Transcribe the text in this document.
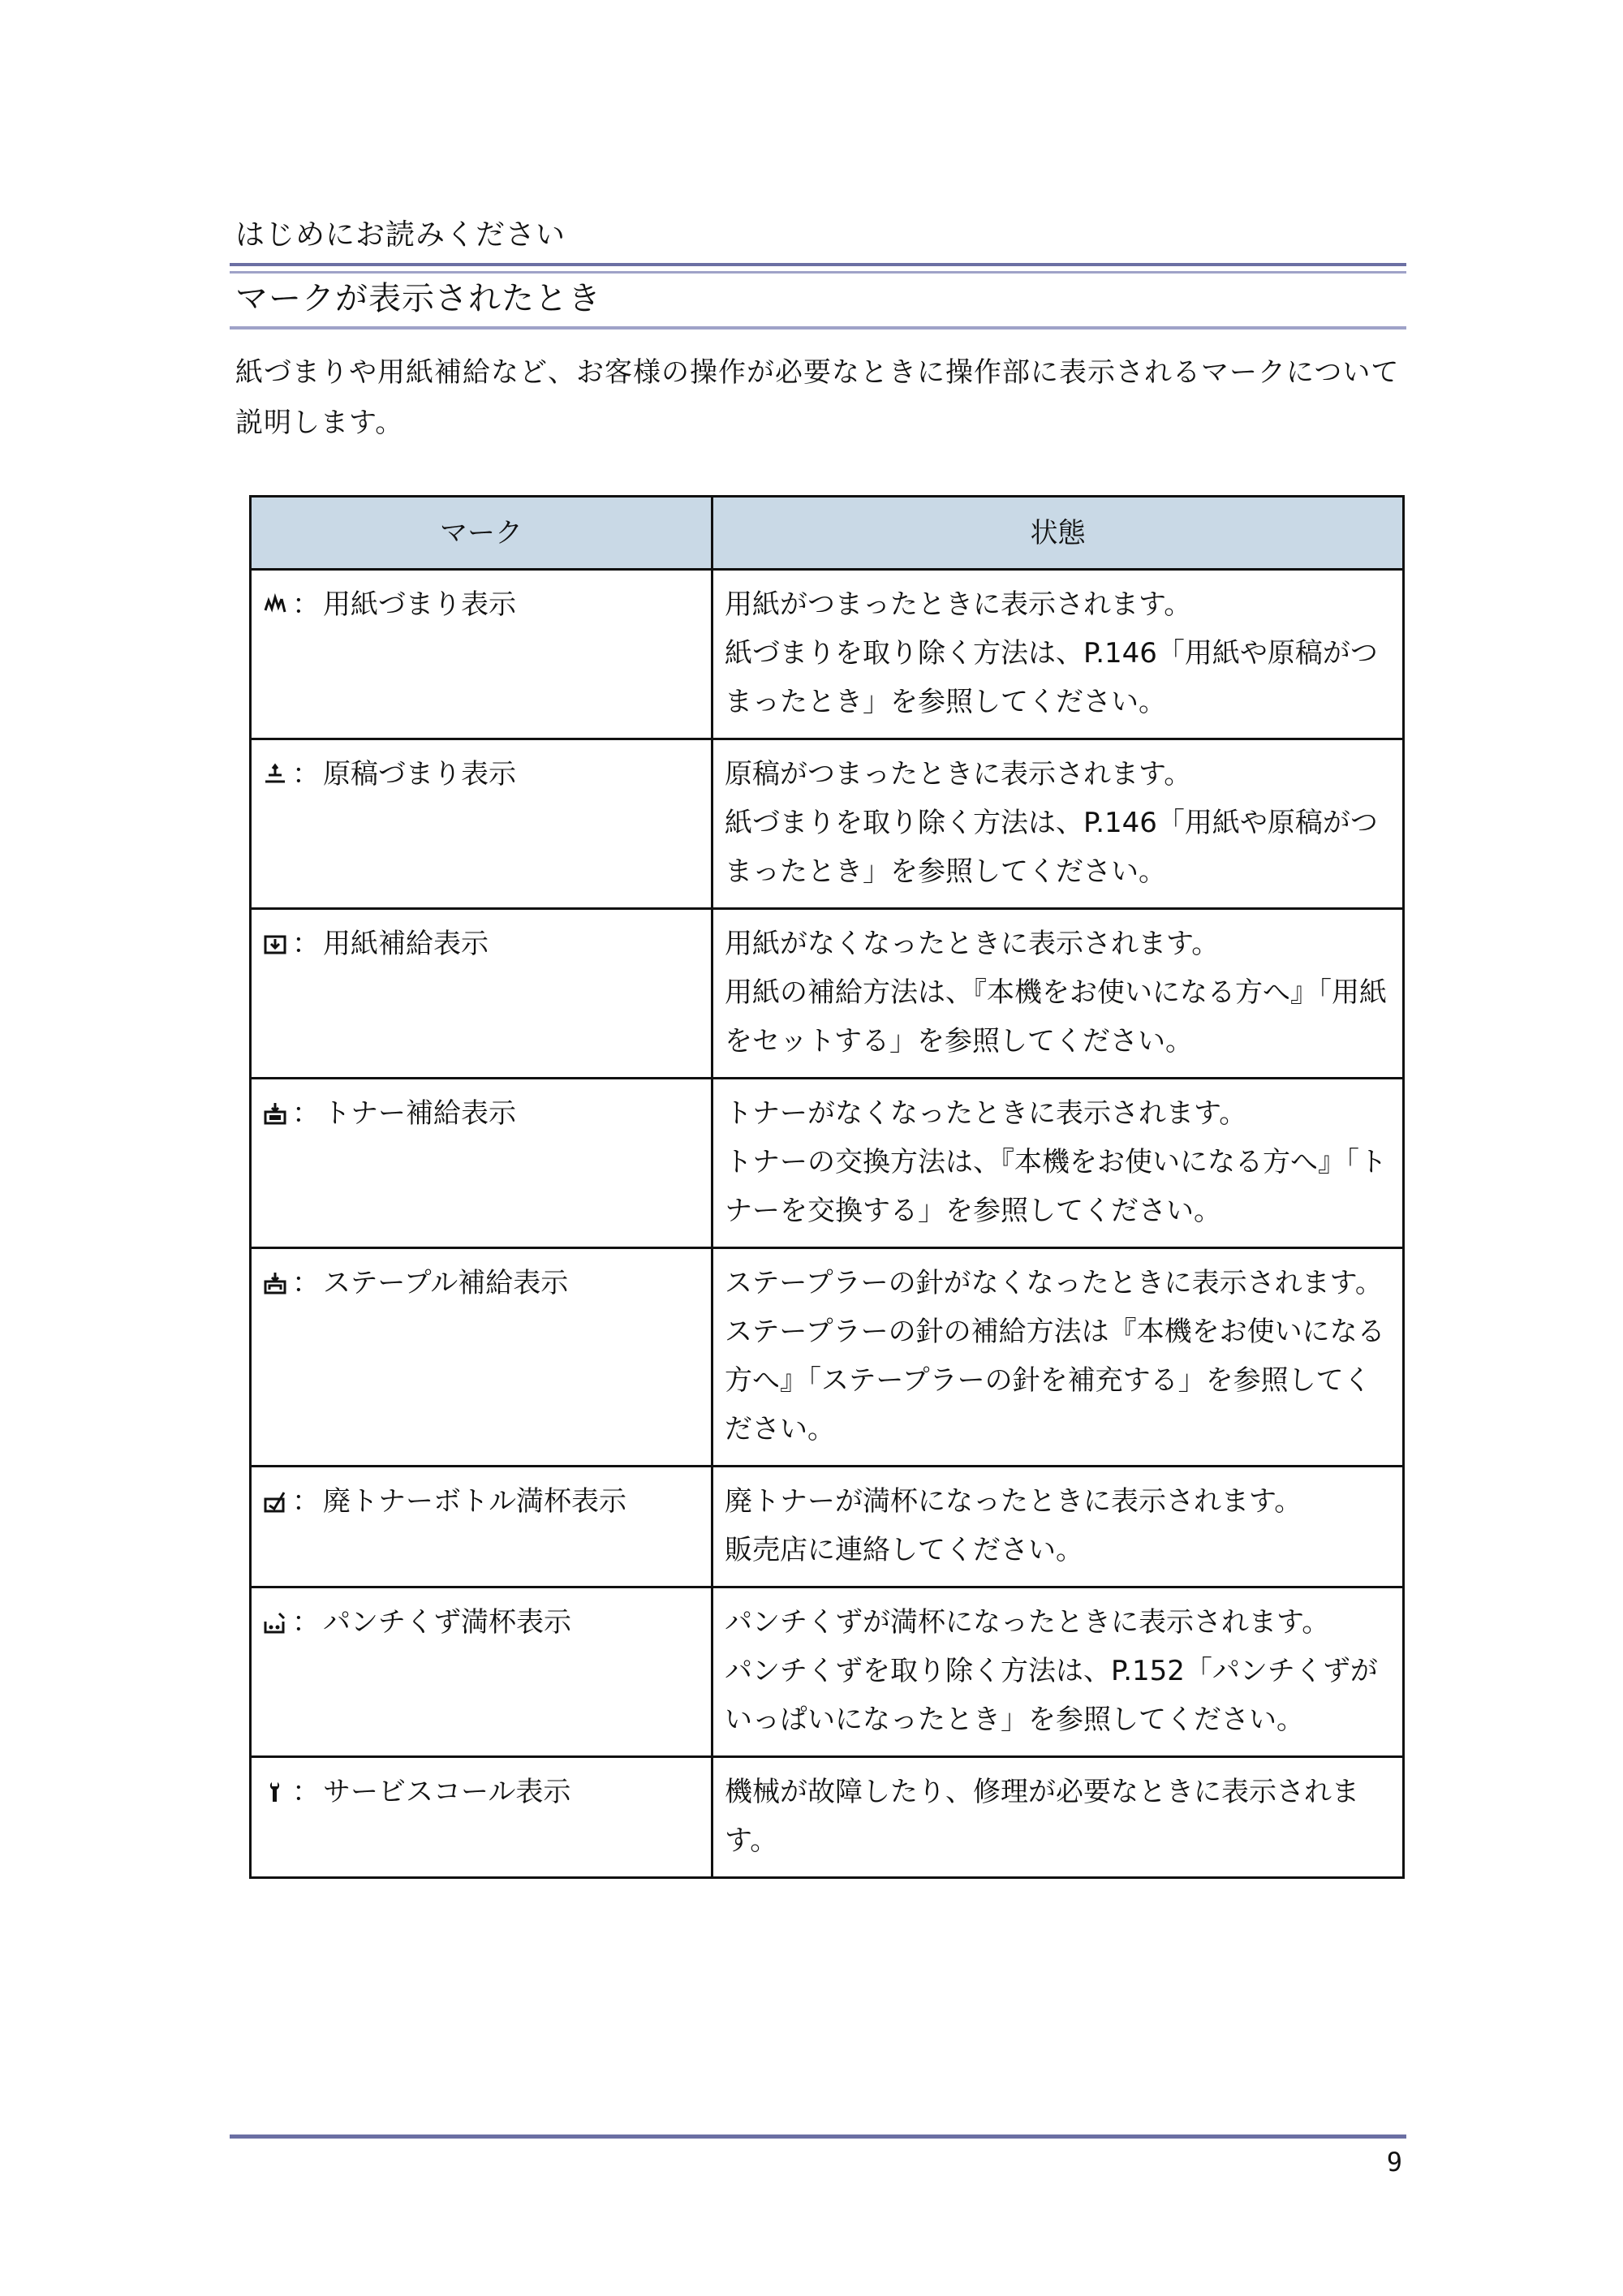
はじめにお読みください
マークが表示されたとき
紙づまりや用紙補給など、お客様の操作が必要なときに操作部に表示されるマークについて説明します。
マーク	状態

： 用紙づまり表示	用紙がつまったときに表示されます。
紙づまりを取り除く方法は、P.146「用紙や原稿がつまったとき」を参照してください。

： 原稿づまり表示	原稿がつまったときに表示されます。
紙づまりを取り除く方法は、P.146「用紙や原稿がつまったとき」を参照してください。

： 用紙補給表示	用紙がなくなったときに表示されます。
用紙の補給方法は、『本機をお使いになる方へ』「用紙をセットする」を参照してください。

： トナー補給表示	トナーがなくなったときに表示されます。
トナーの交換方法は、『本機をお使いになる方へ』「トナーを交換する」を参照してください。

： ステープル補給表示	ステープラーの針がなくなったときに表示されます。
ステープラーの針の補給方法は『本機をお使いになる方へ』「ステープラーの針を補充する」を参照してください。

： 廃トナーボトル満杯表示	廃トナーが満杯になったときに表示されます。
販売店に連絡してください。

： パンチくず満杯表示	パンチくずが満杯になったときに表示されます。
パンチくずを取り除く方法は、P.152「パンチくずがいっぱいになったとき」を参照してください。

： サービスコール表示	機械が故障したり、修理が必要なときに表示されます。
9
